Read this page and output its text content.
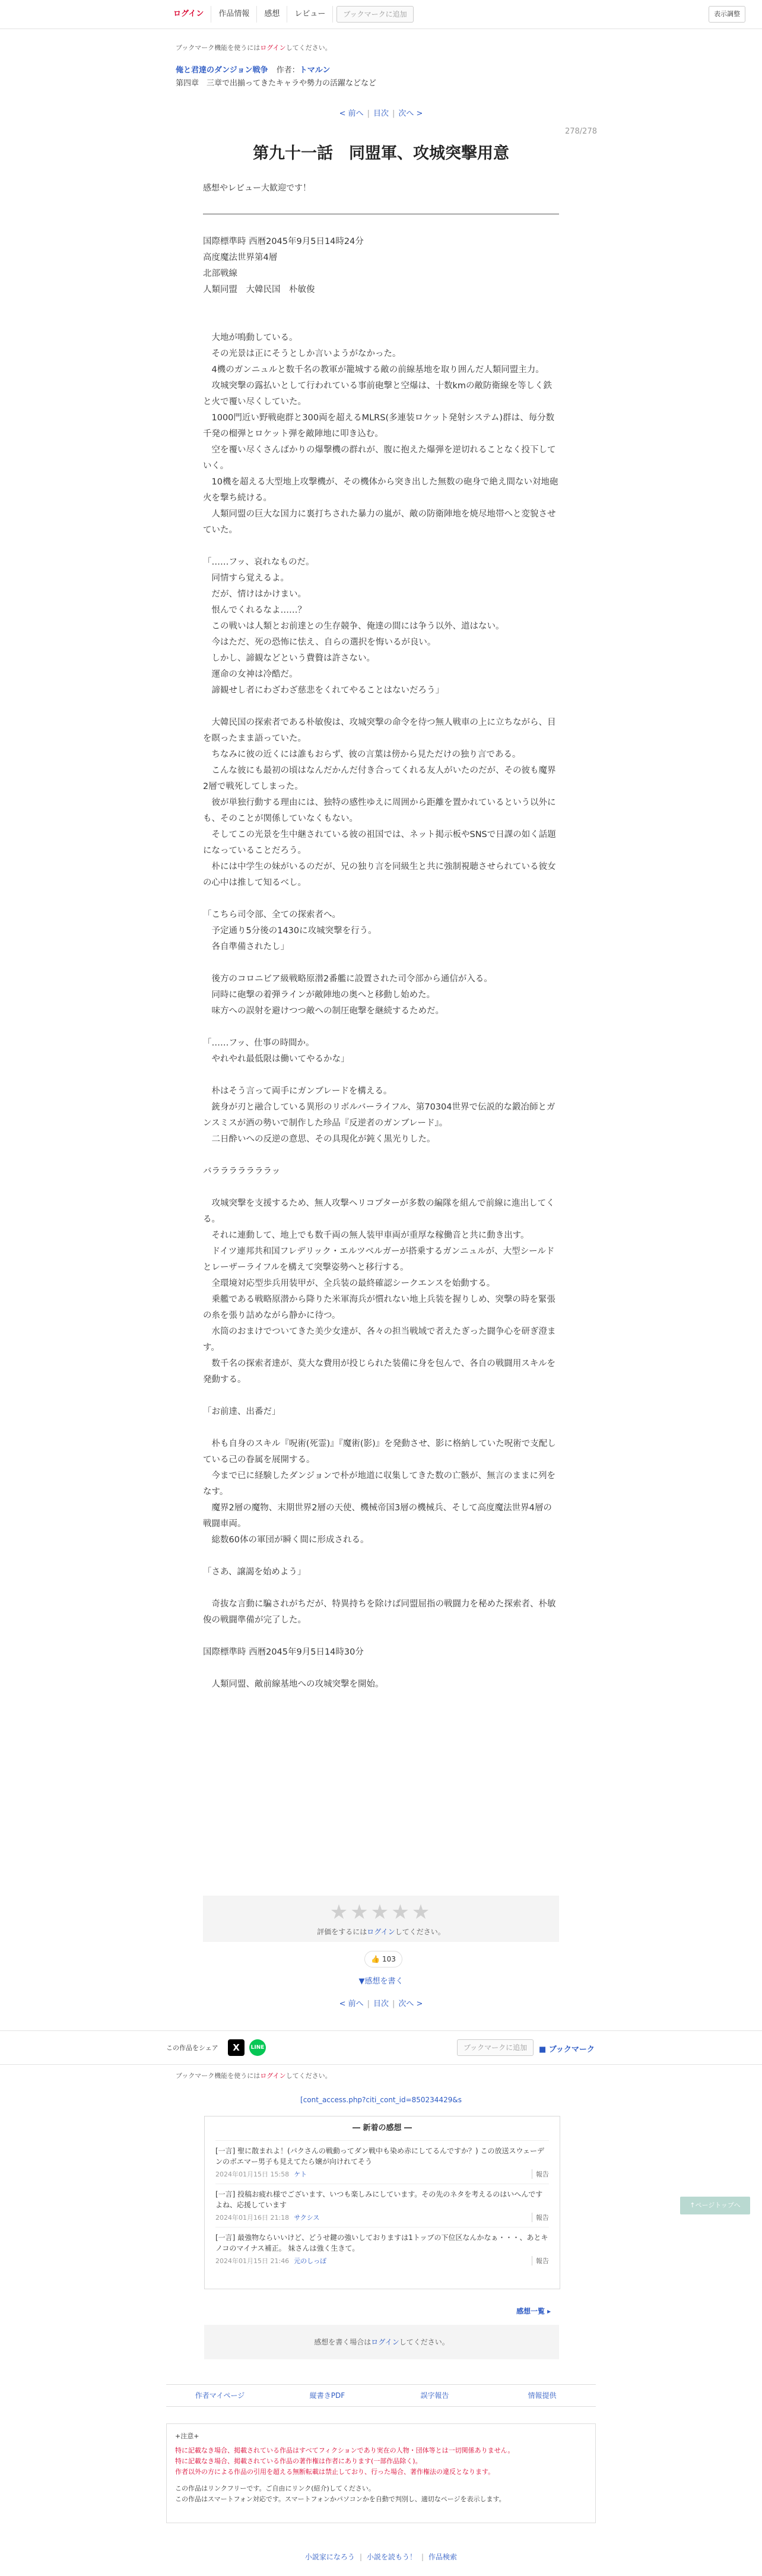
ログイン	作品情報	感想	レビュー	ブックマークに追加	表示調整
ブックマーク機能を使うにはログインしてください。
俺と君達のダンジョン戦争 作者：トマルン
第四章　三章で出揃ってきたキャラや勢力の活躍などなど
< 前へ | 目次 | 次へ >
278/278
第九十一話　同盟軍、攻城突撃用意
感想やレビュー大歓迎です！

国際標準時 西暦2045年9月5日14時24分

高度魔法世界第4層

北部戦線

人類同盟　大韓民国　朴敏俊

　大地が鳴動している。

　その光景は正にそうとしか言いようがなかった。

　4機のガンニュルと数千名の教軍が籠城する敵の前線基地を取り囲んだ人類同盟主力。

　攻城突撃の露払いとして行われている事前砲撃と空爆は、十数kmの敵防衛線を等しく鉄と火で覆い尽くしていた。

　1000門近い野戦砲群と300両を超えるMLRS(多連装ロケット発射システム)群は、毎分数千発の榴弾とロケット弾を敵陣地に叩き込む。

　空を覆い尽くさんばかりの爆撃機の群れが、腹に抱えた爆弾を逆切れることなく投下していく。

　10機を超える大型地上攻撃機が、その機体から突き出した無数の砲身で絶え間ない対地砲火を撃ち続ける。

　人類同盟の巨大な国力に裏打ちされた暴力の嵐が、敵の防衛陣地を焼尽地帯へと変貌させていた。

「……フッ、哀れなものだ。

　同情すら覚えるよ。

　だが、情けはかけまい。

　恨んでくれるなよ……？

　この戦いは人類とお前達との生存競争、俺達の間には争う以外、道はない。

　今はただ、死の恐怖に怯え、自らの選択を悔いるが良い。

　しかし、諦観などという費贅は許さない。

　運命の女神は冷酷だ。

　諦観せし者にわざわざ慈悲をくれてやることはないだろう」

　大韓民国の探索者である朴敏俊は、攻城突撃の命令を待つ無人戦車の上に立ちながら、目を瞑ったまま語っていた。

　ちなみに彼の近くには誰もおらず、彼の言葉は傍から見ただけの独り言である。

　こんな彼にも最初の頃はなんだかんだ付き合ってくれる友人がいたのだが、その彼も魔界2層で戦死してしまった。

　彼が単独行動する理由には、独特の感性ゆえに周囲から距離を置かれているという以外にも、そのことが関係していなくもない。

　そしてこの光景を生中継されている彼の祖国では、ネット掲示板やSNSで日課の如く話題になっていることだろう。

　朴には中学生の妹がいるのだが、兄の独り言を同級生と共に強制視聴させられている彼女の心中は推して知るべし。

「こちら司令部、全ての探索者へ。

　予定通り5分後の1430に攻城突撃を行う。

　各自準備されたし」

　後方のコロニビア級戦略原潜2番艦に設置された司令部から通信が入る。

　同時に砲撃の着弾ラインが敵陣地の奥へと移動し始めた。

　味方への誤射を避けつつ敵への制圧砲撃を継続するためだ。

「……フッ、仕事の時間か。

　やれやれ最低限は働いてやるかな」

　朴はそう言って両手にガンブレードを構える。

　銃身が刃と融合している異形のリボルバーライフル、第70304世界で伝説的な鍛冶師とガンスミスが酒の勢いで制作した珍品『反逆者のガンブレード』。

　二日酔いへの反逆の意思、その具現化が鈍く黒光りした。

バラララララララッ

　攻城突撃を支援するため、無人攻撃ヘリコプターが多数の編隊を組んで前線に進出してくる。

　それに連動して、地上でも数千両の無人装甲車両が重厚な稼働音と共に動き出す。

　ドイツ連邦共和国フレデリック・エルツベルガーが搭乗するガンニュルが、大型シールドとレーザーライフルを構えて突撃姿勢へと移行する。

　全環境対応型歩兵用装甲が、全兵装の最終確認シークエンスを始動する。

　乗艦である戦略原潜から降りた米軍海兵が慣れない地上兵装を握りしめ、突撃の時を緊張の糸を張り詰めながら静かに待つ。

　水筒のおまけでついてきた美少女達が、各々の担当戦域で者えたぎった闘争心を研ぎ澄ます。

　数千名の探索者達が、莫大な費用が投じられた装備に身を包んで、各自の戦闘用スキルを発動する。

「お前達、出番だ」

　朴も自身のスキル『呪術(死霊)』『魔術(影)』を発動させ、影に格納していた呪術で支配している己の眷属を展開する。

　今まで已に経験したダンジョンで朴が地道に収集してきた数の亡骸が、無言のままに列をなす。

　魔界2層の魔物、末期世界2層の天使、機械帝国3層の機械兵、そして高度魔法世界4層の戦闘車両。

　総数60体の軍団が瞬く間に形成される。

「さあ、譲謁を始めよう」

　奇抜な言動に騙されがちだが、特異持ちを除けば同盟屈指の戦闘力を秘めた探索者、朴敏俊の戦闘準備が完了した。

国際標準時 西暦2045年9月5日14時30分

　人類同盟、敵前線基地への攻城突撃を開始。

★★★★★
評価をするにはログインしてください。
👍 103
▼感想を書く
< 前へ | 目次 | 次へ >
この作品をシェア	X	LINE	ブックマークに追加	■ ブックマーク
ブックマーク機能を使うにはログインしてください。
[cont_access.php?citi_cont_id=850234429&s
― 新着の感想 ―
[一言] 聖に散まれよ！(パクさんの戦動ってダン戦中も染め赤にしてるんですか？) この放送スウェーデンのボエマー男子も見えてたら嬢が向けれてそう
2024年01月15日 15:58 ケト	報告
[一言] 投稿お疲れ様でございます、いつも楽しみにしています。その先のネタを考えるのはいへんですよね、応援しています
2024年01月16日 21:18 サクシス	報告
[一言] 最強物ならいいけど、どうせ鍵の強いしておりますは1トップの下位区なんかなぁ・・・、あとキノコのマイナス補正。 妹さんは強く生きて。
2024年01月15日 21:46 元のしっぽ	報告
感想一覧 ▸
感想を書く場合はログインしてください。
作者マイページ	縦書きPDF	誤字報告	情報提供
+注意+
特に記載なき場合、掲載されている作品はすべてフィクションであり実在の人物・団体等とは一切関係ありません。
特に記載なき場合、掲載されている作品の著作権は作者にあります(一部作品除く)。
作者以外の方による作品の引用を超える無断転載は禁止しており、行った場合、著作権法の違反となります。
この作品はリンクフリーです。ご自由にリンク(紹介)してください。
この作品はスマートフォン対応です。スマートフォンかパソコンかを自動で判別し、適切なページを表示します。
小説家になろう | 小説を読もう！ | 作品検索
↑ページトップへ
